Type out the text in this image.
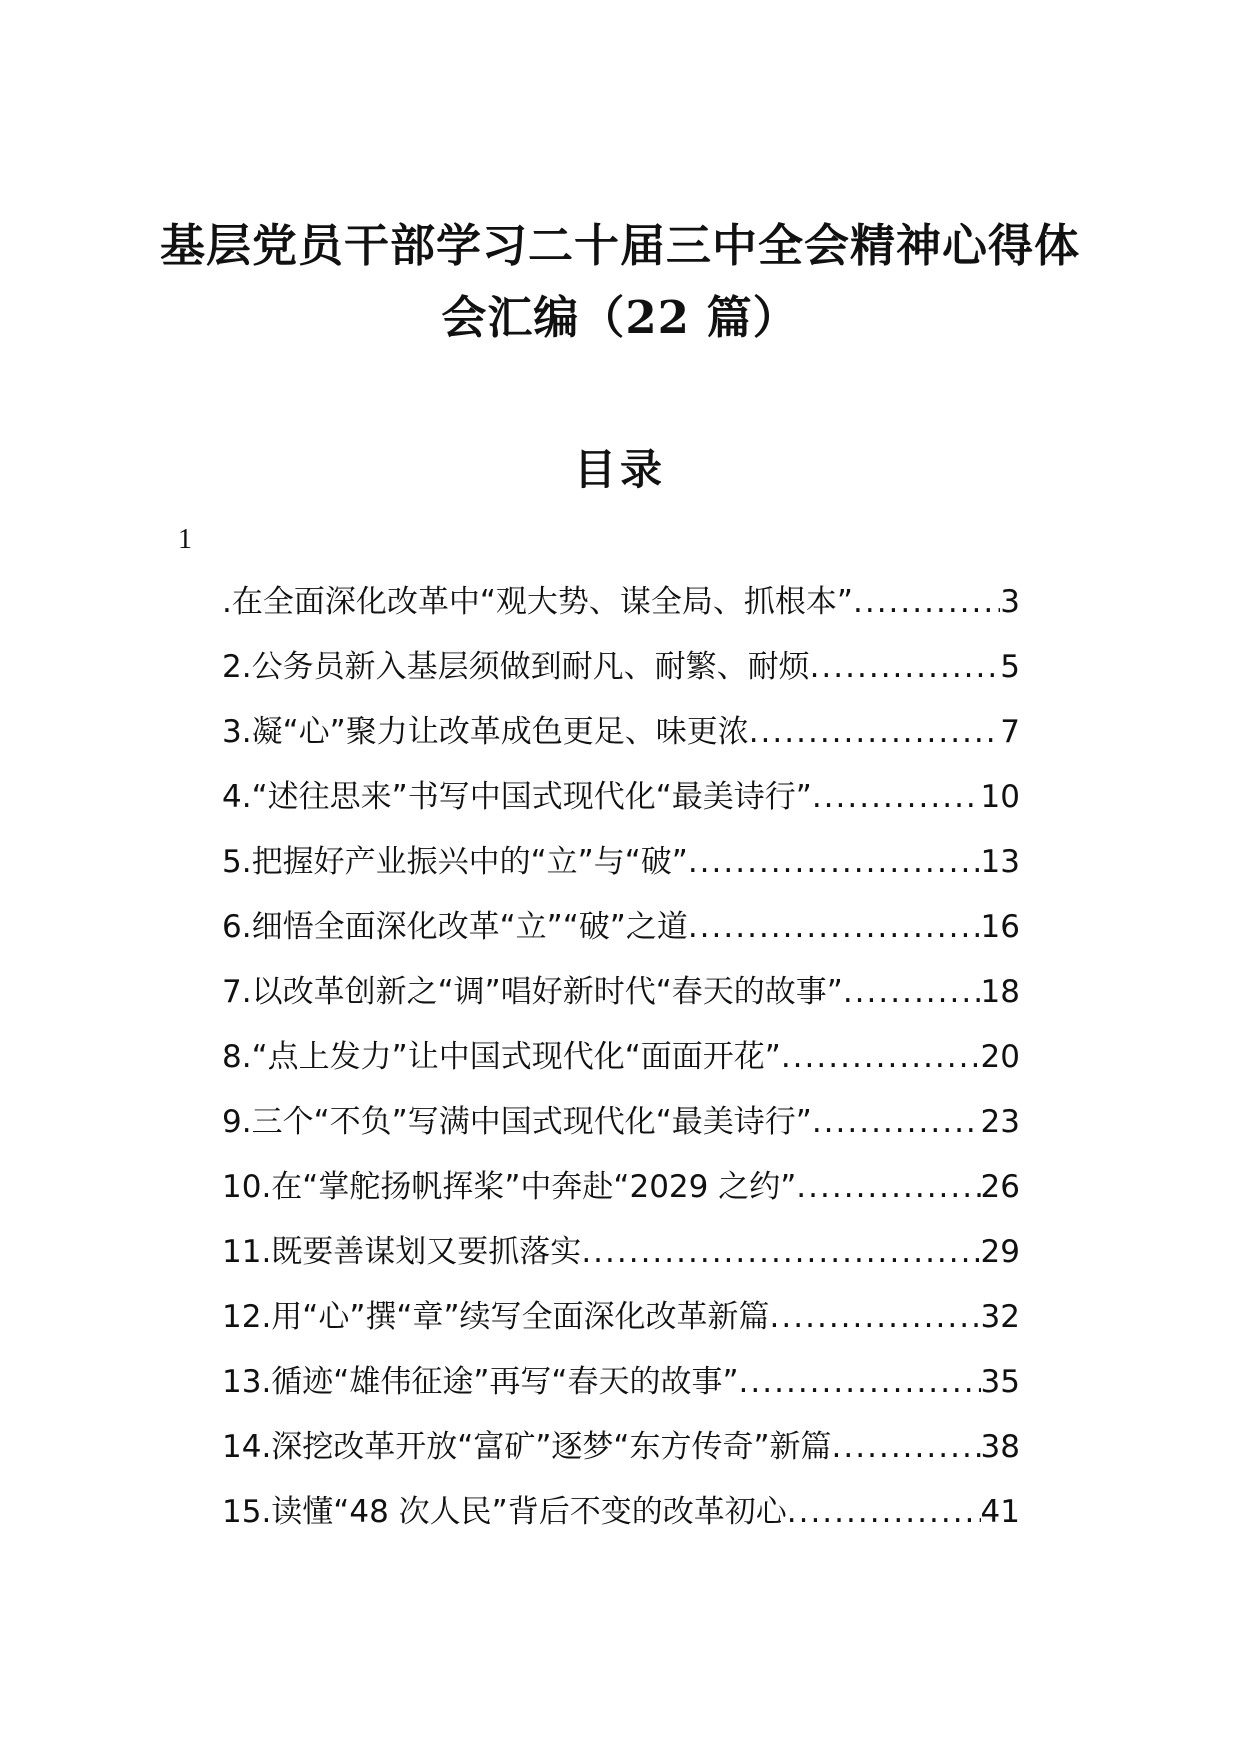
基层党员干部学习二十届三中全会精神心得体
会汇编（22 篇）
目录
1
.在全面深化改革中“观大势、谋全局、抓根本” .....	3
2.公务员新入基层须做到耐凡、耐繁、耐烦 .....	5
3.凝“心”聚力让改革成色更足、味更浓 .....	7
4.“述往思来”书写中国式现代化“最美诗行” .....	10
5.把握好产业振兴中的“立”与“破” .....	13
6.细悟全面深化改革“立”“破”之道 .....	16
7.以改革创新之“调”唱好新时代“春天的故事” .....	18
8.“点上发力”让中国式现代化“面面开花” .....	20
9.三个“不负”写满中国式现代化“最美诗行” .....	23
10.在“掌舵扬帆挥桨”中奔赴“2029 之约” .....	26
11.既要善谋划又要抓落实 .....	29
12.用“心”撰“章”续写全面深化改革新篇 .....	32
13.循迹“雄伟征途”再写“春天的故事” .....	35
14.深挖改革开放“富矿”逐梦“东方传奇”新篇 .....	38
15.读懂“48 次人民”背后不变的改革初心 .....	41
